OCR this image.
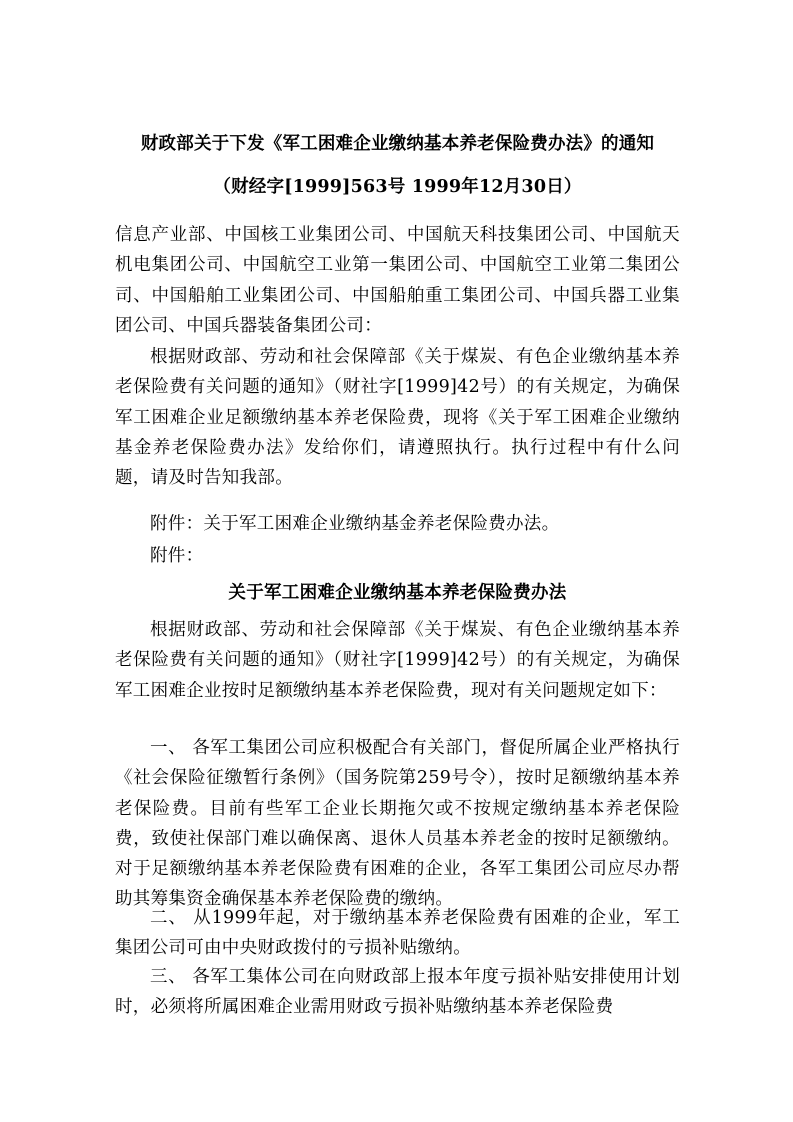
财政部关于下发《军工困难企业缴纳基本养老保险费办法》的通知
（财经字[1999]563号 1999年12月30日）
信息产业部、中国核工业集团公司、中国航天科技集团公司、中国航天机电集团公司、中国航空工业第一集团公司、中国航空工业第二集团公司、中国船舶工业集团公司、中国船舶重工集团公司、中国兵器工业集团公司、中国兵器装备集团公司：
根据财政部、劳动和社会保障部《关于煤炭、有色企业缴纳基本养老保险费有关问题的通知》（财社字[1999]42号）的有关规定，为确保军工困难企业足额缴纳基本养老保险费，现将《关于军工困难企业缴纳基金养老保险费办法》发给你们，请遵照执行。执行过程中有什么问题，请及时告知我部。
附件：关于军工困难企业缴纳基金养老保险费办法。
附件：
关于军工困难企业缴纳基本养老保险费办法
根据财政部、劳动和社会保障部《关于煤炭、有色企业缴纳基本养老保险费有关问题的通知》（财社字[1999]42号）的有关规定，为确保军工困难企业按时足额缴纳基本养老保险费，现对有关问题规定如下：
一、 各军工集团公司应积极配合有关部门，督促所属企业严格执行《社会保险征缴暂行条例》（国务院第259号令），按时足额缴纳基本养老保险费。目前有些军工企业长期拖欠或不按规定缴纳基本养老保险费，致使社保部门难以确保离、退休人员基本养老金的按时足额缴纳。对于足额缴纳基本养老保险费有困难的企业，各军工集团公司应尽办帮助其筹集资金确保基本养老保险费的缴纳。
二、 从1999年起，对于缴纳基本养老保险费有困难的企业，军工集团公司可由中央财政拨付的亏损补贴缴纳。
三、 各军工集体公司在向财政部上报本年度亏损补贴安排使用计划时，必须将所属困难企业需用财政亏损补贴缴纳基本养老保险费
